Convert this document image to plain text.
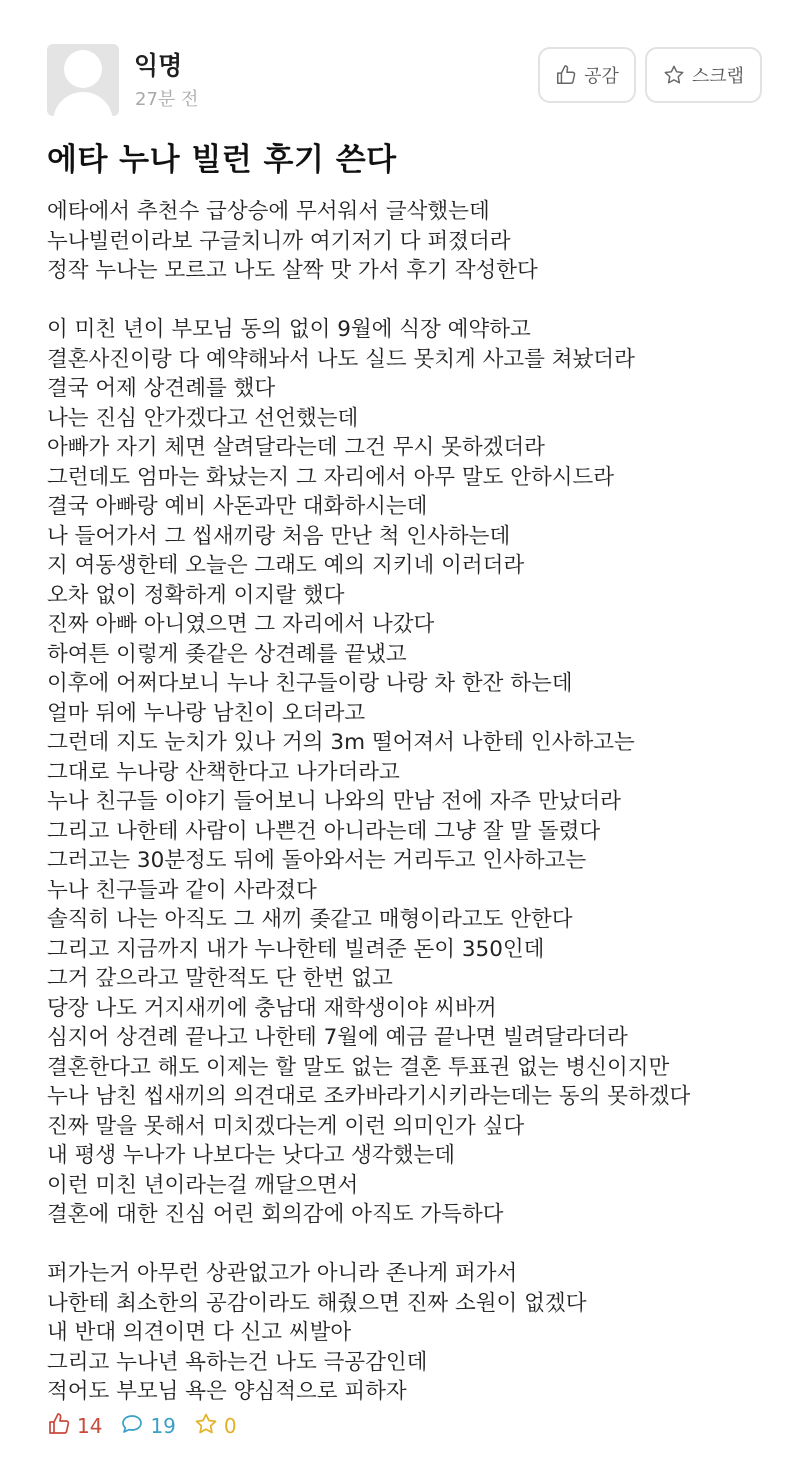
익명
27분 전
공감	스크랩
에타 누나 빌런 후기 쓴다
에타에서 추천수 급상승에 무서워서 글삭했는데
누나빌런이라보 구글치니까 여기저기 다 퍼졌더라
정작 누나는 모르고 나도 살짝 맛 가서 후기 작성한다
이 미친 년이 부모님 동의 없이 9월에 식장 예약하고
결혼사진이랑 다 예약해놔서 나도 실드 못치게 사고를 쳐놨더라
결국 어제 상견례를 했다
나는 진심 안가겠다고 선언했는데
아빠가 자기 체면 살려달라는데 그건 무시 못하겠더라
그런데도 엄마는 화났는지 그 자리에서 아무 말도 안하시드라
결국 아빠랑 예비 사돈과만 대화하시는데
나 들어가서 그 씹새끼랑 처음 만난 척 인사하는데
지 여동생한테 오늘은 그래도 예의 지키네 이러더라
오차 없이 정확하게 이지랄 했다
진짜 아빠 아니였으면 그 자리에서 나갔다
하여튼 이렇게 좆같은 상견례를 끝냈고
이후에 어쩌다보니 누나 친구들이랑 나랑 차 한잔 하는데
얼마 뒤에 누나랑 남친이 오더라고
그런데 지도 눈치가 있나 거의 3m 떨어져서 나한테 인사하고는
그대로 누나랑 산책한다고 나가더라고
누나 친구들 이야기 들어보니 나와의 만남 전에 자주 만났더라
그리고 나한테 사람이 나쁜건 아니라는데 그냥 잘 말 돌렸다
그러고는 30분정도 뒤에 돌아와서는 거리두고 인사하고는
누나 친구들과 같이 사라졌다
솔직히 나는 아직도 그 새끼 좆같고 매형이라고도 안한다
그리고 지금까지 내가 누나한테 빌려준 돈이 350인데
그거 갚으라고 말한적도 단 한번 없고
당장 나도 거지새끼에 충남대 재학생이야 씨바꺼
심지어 상견례 끝나고 나한테 7월에 예금 끝나면 빌려달라더라
결혼한다고 해도 이제는 할 말도 없는 결혼 투표권 없는 병신이지만
누나 남친 씹새끼의 의견대로 조카바라기시키라는데는 동의 못하겠다
진짜 말을 못해서 미치겠다는게 이런 의미인가 싶다
내 평생 누나가 나보다는 낫다고 생각했는데
이런 미친 년이라는걸 깨달으면서
결혼에 대한 진심 어린 회의감에 아직도 가득하다
퍼가는거 아무런 상관없고가 아니라 존나게 퍼가서
나한테 최소한의 공감이라도 해줬으면 진짜 소원이 없겠다
내 반대 의견이면 다 신고 씨발아
그리고 누나년 욕하는건 나도 극공감인데
적어도 부모님 욕은 양심적으로 피하자
14 19 0
